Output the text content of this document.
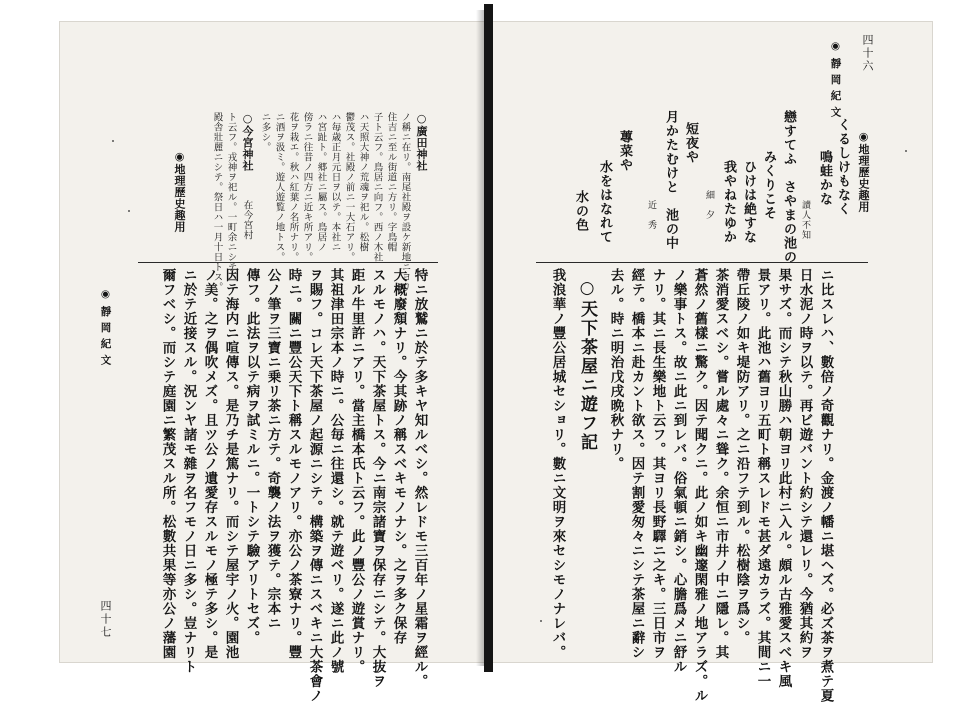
四十六
◉ 靜 岡 紀 文
ニ比スレハ、數倍ノ奇觀ナリ。金渡ノ幡ニ堪ヘズ。必ズ茶ヲ煮テ夏
日水泥ノ時ヲ以テ。再ビ遊バント約シテ還レリ。今猶其約ヲ
果サズ。而シテ秋山勝ハ朝ヨリ此村ニ入ル。頗ル古雅愛スベキ風
景アリ。此池ハ舊ヨリ五町ト稱スレドモ甚ダ遠カラズ。其間ニ一
帶丘陵ノ如キ堤防アリ。之ニ沿フテ到ル。松樹陰ヲ爲シ。
茶消愛スベシ。嘗ル處々ニ聳ク。余恒ニ市井ノ中ニ隱レ。其
蒼然ノ舊樣ニ驚ク。因テ聞クニ。此ノ如キ幽邃閑雅ノ地アラズ。ル
ノ樂事トス。故ニ此ニ到レバ。俗氣頓ニ銷シ。心膽爲メニ舒ル
ナリ。其ニ長生樂地ト云フ。其ヨリ長野驛ニ之キ。三日市ヲ
經テ。橋本ニ赴カント欲ス。因テ割愛匆々ニシテ茶屋ニ辭シ
去ル。時ニ明治戊戌晩秋ナリ。
○天下茶屋ニ遊フ記
我浪華ノ豐公居城セショリ。數ニ文明ヲ來セシモノナレバ。
◉地理歷史趣用
くるしけもなく
鳴蛙かな
讀人不知
戀すてふ　さやまの池の
みくりこそ
ひけは絶すな
我やねたゆか
細　夕
短夜や
月かたむけと　池の中
近　秀
蓴菜や
水をはなれて
水の色
◉ 靜 岡 紀 文
四十七	特ニ放鷲ニ於テ多キヤ知ルベシ。然レドモ三百年ノ星霜ヲ經ル。
大概廢頽ナリ。今其跡ノ稱スベキモノナシ。之ヲ多ク保存
スルモノハ。天下茶屋トス。今ニ南宗諸寶ヲ保存ニシテ。大抜ヲ
距ル牛里許ニアリ。當主橋本氏ト云フ。此ノ豐公ノ遊賞ナリ。
其祖津田宗本ノ時ニ。公毎ニ往還シ。就テ遊ベリ。遂ニ此ノ號
ヲ賜フ。コレ天下茶屋ノ起源ニシテ。構築ヲ傳ニスベキニ大茶會ノ
時ニ。關ニ豐公天下ト稱スルモノアリ。亦公ノ茶寮ナリ。豐
公ノ筆ヲ三寶ニ乗リ茶ニ方テ。奇襲ノ法ヲ獲テ。宗本ニ
傳フ。此法ヲ以テ病ヲ試ミルニ。一トシテ驗アリトセズ。
因テ海内ニ喧傳ス。是乃チ是篤ナリ。而シテ屋宇ノ火。園池
ノ美。之ヲ偶吹メズ。且ツ公ノ遺愛存スルモノ極テ多シ。是
ニ於テ近接スル。況ンヤ諸モ雜ヲ名フモノ日ニ多シ。豈ナリト
爾フベシ。而シテ庭園ニ繁茂スル所。松數共果等亦公ノ藩園
○廣田神社
ノ稱ニ在リ。南尾社殿ヲ設ケ新地ニヨリ
住吉ニ至ル街道ニ方リ。字鳥帽
子ト云フ。鳥居ニ向フ。西ノ木社
ハ天照大神ノ荒魂ヲ祀ル。松樹
鬱茂ス。社殿ノ前ニ一大石アリ。
ハ毎歳正月元日ヲ以テ。本社ニ
ハ宮趾ト。郷社ニ屬ス。鳥居ノ
傍ラニ往昔ノ四方ニ近キ所アリ。
花ヲ栽エ。秋ハ紅葉ノ名所ナリ。
ニ酒ヲ汲ミ。遊人遊覧ノ地トス。
ニ多シ。
○今宮神社
在今宮村
ト云フ。戎神ヲ祀ル。一町余ニシテ
殿舎壯麗ニシテ。祭日ハ一月十日トス。
◉地理歷史趣用
